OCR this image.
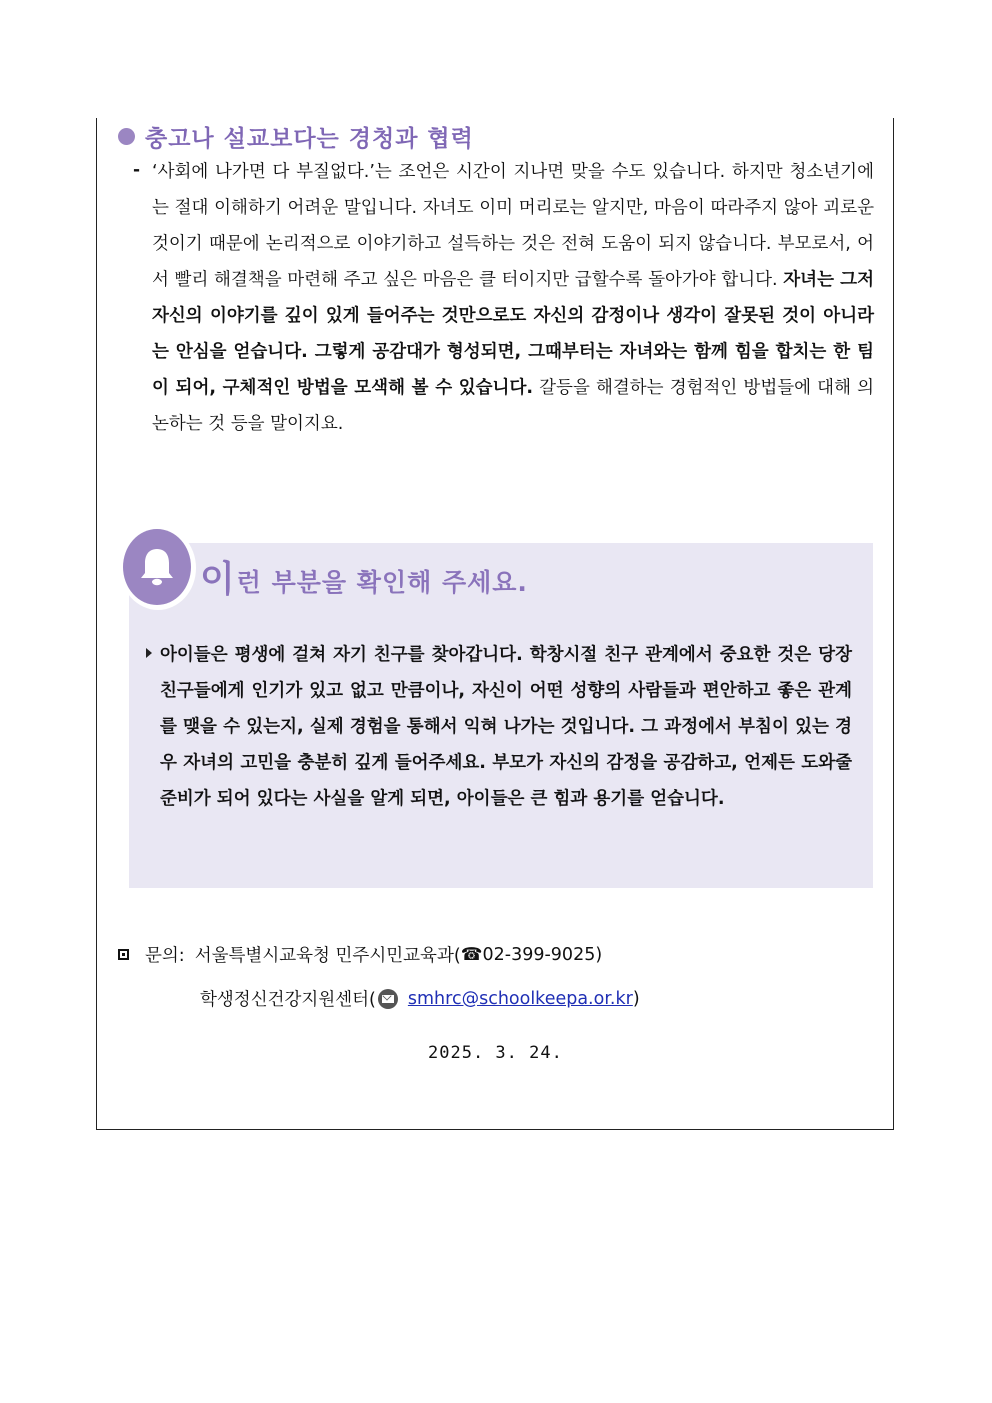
충고나 설교보다는 경청과 협력
- ‘사회에 나가면 다 부질없다.’는 조언은 시간이 지나면 맞을 수도 있습니다. 하지만 청소년기에는 절대 이해하기 어려운 말입니다. 자녀도 이미 머리로는 알지만, 마음이 따라주지 않아 괴로운 것이기 때문에 논리적으로 이야기하고 설득하는 것은 전혀 도움이 되지 않습니다. 부모로서, 어서 빨리 해결책을 마련해 주고 싶은 마음은 클 터이지만 급할수록 돌아가야 합니다. 자녀는 그저 자신의 이야기를 깊이 있게 들어주는 것만으로도 자신의 감정이나 생각이 잘못된 것이 아니라는 안심을 얻습니다. 그렇게 공감대가 형성되면, 그때부터는 자녀와는 함께 힘을 합치는 한 팀이 되어, 구체적인 방법을 모색해 볼 수 있습니다. 갈등을 해결하는 경험적인 방법들에 대해 의논하는 것 등을 말이지요.
이 런 부분을 확인해 주세요.
아이들은 평생에 걸쳐 자기 친구를 찾아갑니다. 학창시절 친구 관계에서 중요한 것은 당장 친구들에게 인기가 있고 없고 만큼이나, 자신이 어떤 성향의 사람들과 편안하고 좋은 관계를 맺을 수 있는지, 실제 경험을 통해서 익혀 나가는 것입니다. 그 과정에서 부침이 있는 경우 자녀의 고민을 충분히 깊게 들어주세요. 부모가 자신의 감정을 공감하고, 언제든 도와줄 준비가 되어 있다는 사실을 알게 되면, 아이들은 큰 힘과 용기를 얻습니다.
문의: 서울특별시교육청 민주시민교육과( ☎ 02-399-9025)
학생정신건강지원센터( smhrc@schoolkeepa.or.kr )
2025. 3. 24.
